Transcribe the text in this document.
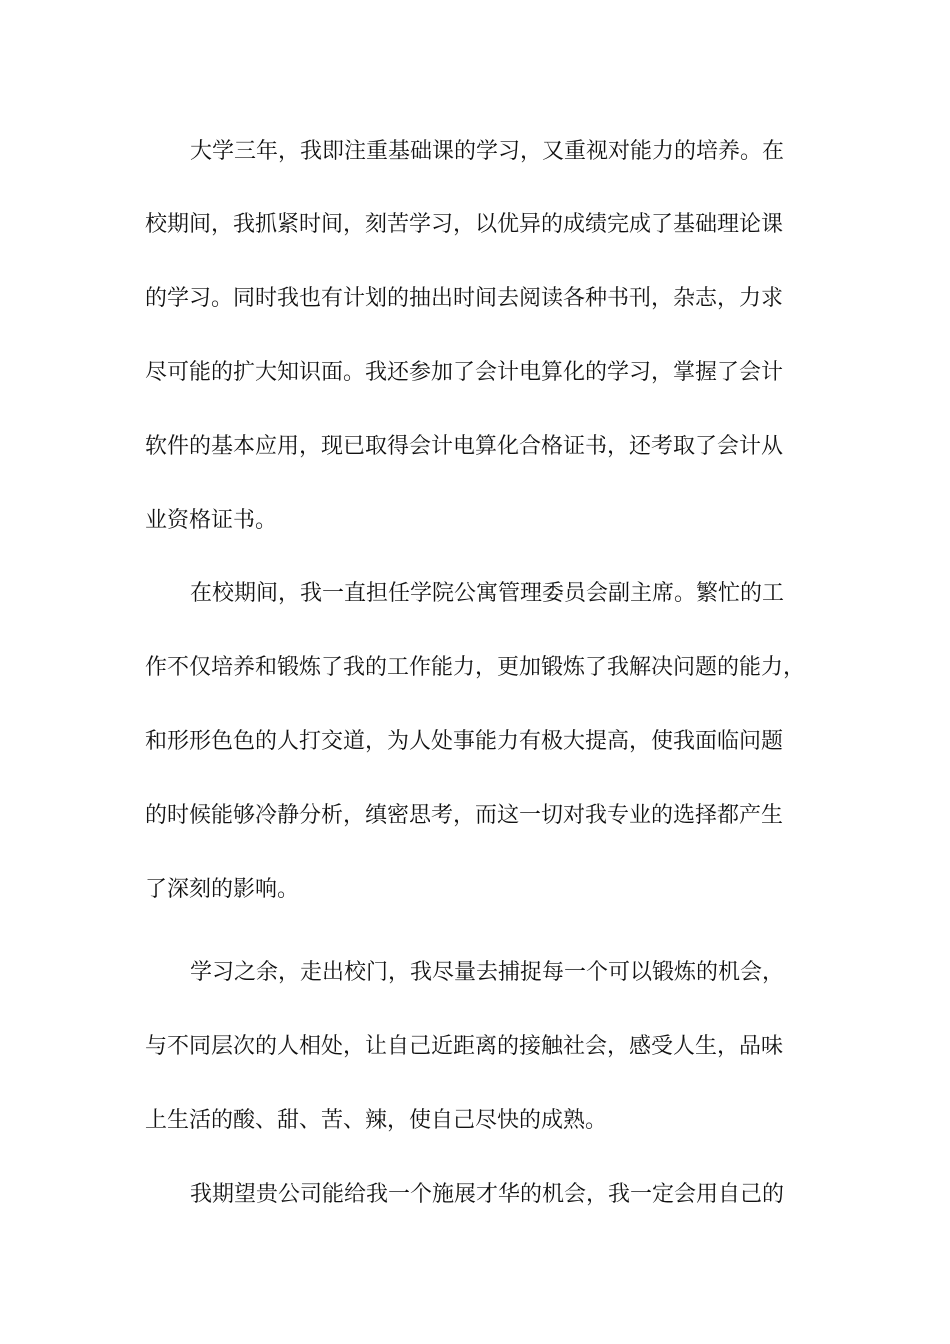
大学三年，我即注重基础课的学习，又重视对能力的培养。在
校期间，我抓紧时间，刻苦学习，以优异的成绩完成了基础理论课
的学习。同时我也有计划的抽出时间去阅读各种书刊，杂志，力求
尽可能的扩大知识面。我还参加了会计电算化的学习，掌握了会计
软件的基本应用，现已取得会计电算化合格证书，还考取了会计从
业资格证书。
在校期间，我一直担任学院公寓管理委员会副主席。繁忙的工
作不仅培养和锻炼了我的工作能力，更加锻炼了我解决问题的能力，
和形形色色的人打交道，为人处事能力有极大提高，使我面临问题
的时候能够冷静分析，缜密思考，而这一切对我专业的选择都产生
了深刻的影响。
学习之余，走出校门，我尽量去捕捉每一个可以锻炼的机会，
与不同层次的人相处，让自己近距离的接触社会，感受人生，品味
上生活的酸、甜、苦、辣，使自己尽快的成熟。
我期望贵公司能给我一个施展才华的机会，我一定会用自己的
